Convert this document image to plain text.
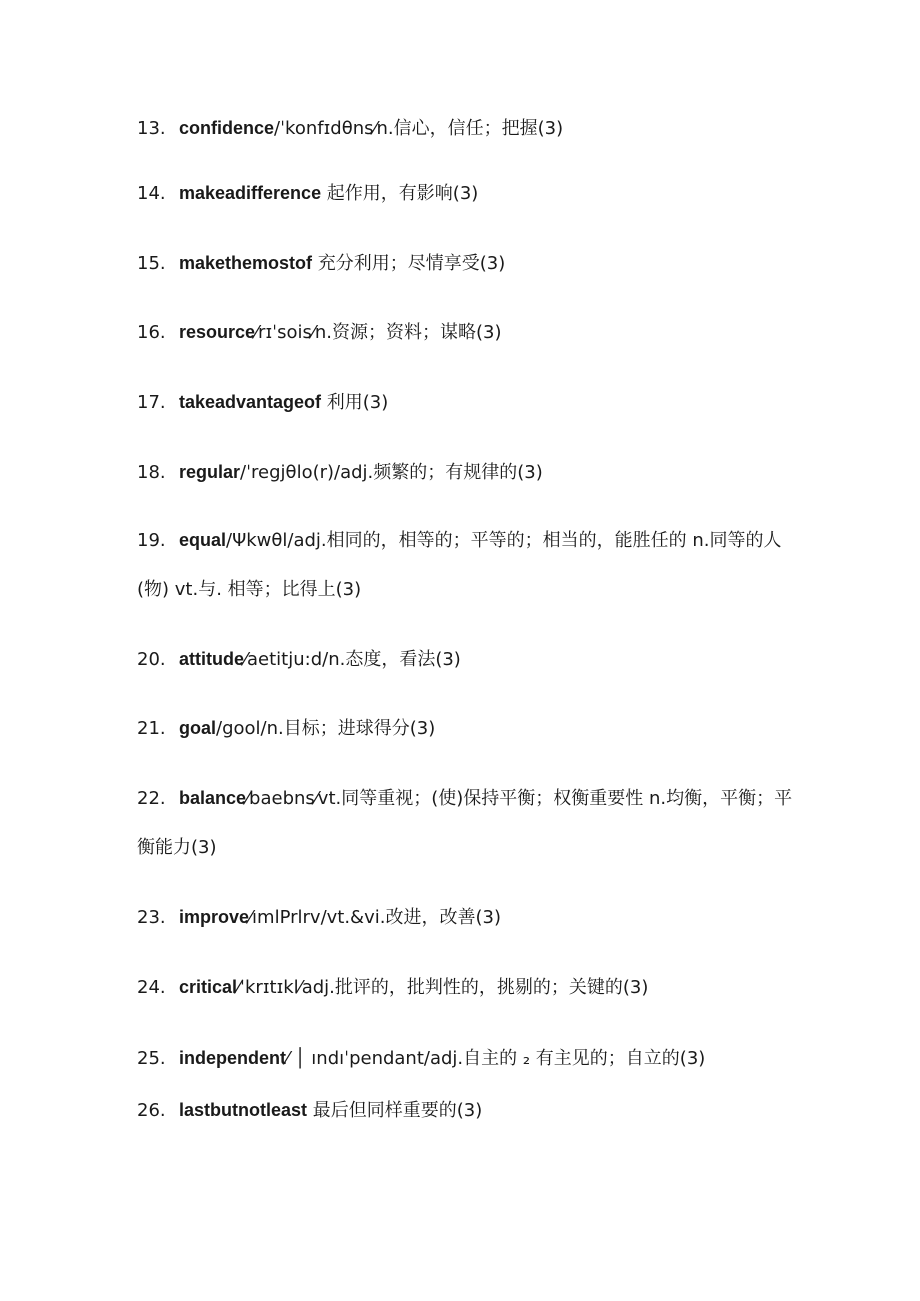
13. confidence/ˈkonfɪdθns⁄n.信心，信任；把握(3)
14. makeadifference 起作用，有影响(3)
15. makethemostof 充分利用；尽情享受(3)
16. resource⁄rɪˈsois⁄n.资源；资料；谋略(3)
17. takeadvantageof 利用(3)
18. regular/ˈregjθlo(r)/adj.频繁的；有规律的(3)
19. equal/Ψkwθl/adj.相同的，相等的；平等的；相当的，能胜任的 n.同等的人(物) vt.与. 相等；比得上(3)
20. attitude⁄aetitju:d/n.态度，看法(3)
21. goal/gool/n.目标；进球得分(3)
22. balance⁄baebns⁄vt.同等重视；(使)保持平衡；权衡重要性 n.均衡，平衡；平衡能力(3)
23. improve⁄ımlPrlrv/vt.&vi.改进，改善(3)
24. critical⁄ˈkrɪtɪkl⁄adj.批评的，批判性的，挑剔的；关键的(3)
25. independent⁄ │ ındıˈpendant/adj.自主的 ₂ 有主见的；自立的(3)
26. lastbutnotleast 最后但同样重要的(3)
